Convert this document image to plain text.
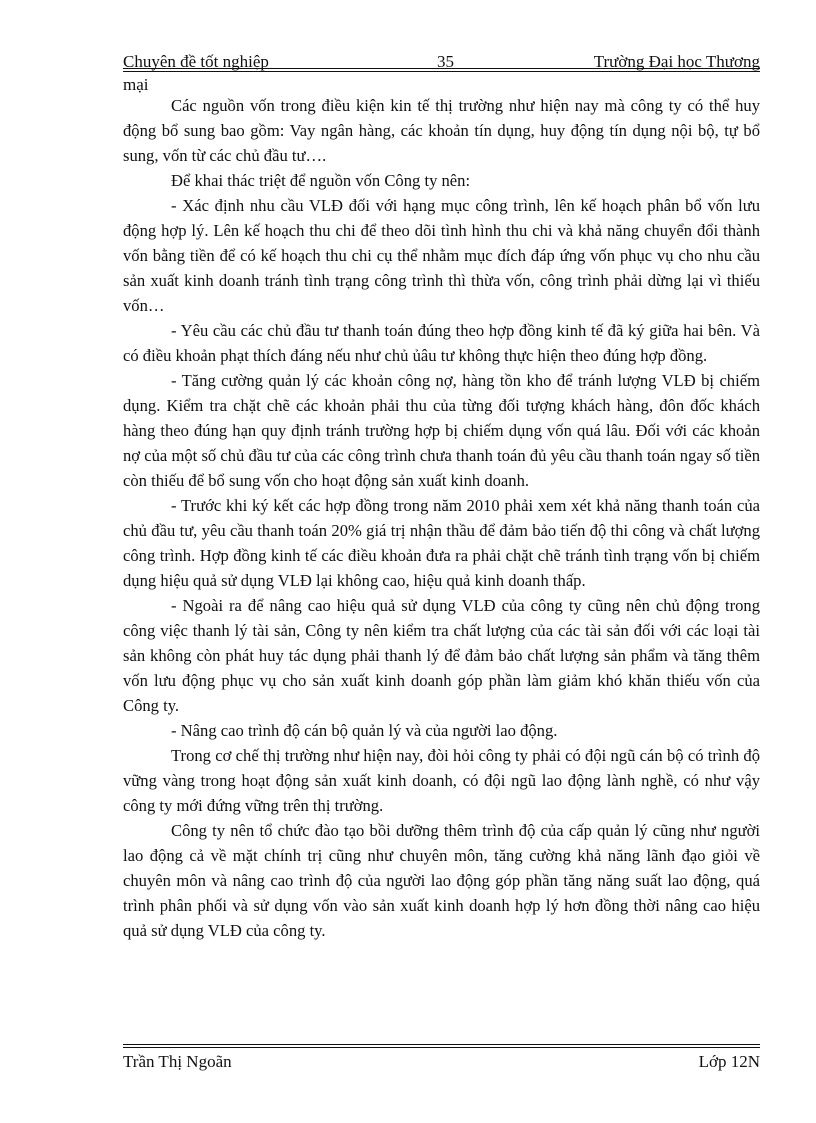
Chuyên đề tốt nghiệp	35	Trường Đại học Thương
mại

Các nguồn vốn trong điều kiện kin tế thị trường như hiện nay mà công ty có thể huy động bổ sung bao gồm: Vay ngân hàng, các khoản tín dụng, huy động tín dụng nội bộ, tự bổ sung, vốn từ các chủ đầu tư….

Để khai thác triệt để nguồn vốn Công ty nên:

- Xác định nhu cầu VLĐ đối với hạng mục công trình, lên kế hoạch phân bổ vốn lưu động hợp lý. Lên kế hoạch thu chi để theo dõi tình hình thu chi và khả năng chuyển đổi thành vốn bằng tiền để có kế hoạch thu chi cụ thể nhằm mục đích đáp ứng vốn phục vụ cho nhu cầu sản xuất kinh doanh tránh tình trạng công trình thì thừa vốn, công trình phải dừng lại vì thiếu vốn…

- Yêu cầu các chủ đầu tư thanh toán đúng theo hợp đồng kinh tế đã ký giữa hai bên. Và có điều khoản phạt thích đáng nếu như chủ ủâu tư không thực hiện theo đúng hợp đồng.

- Tăng cường quản lý các khoản công nợ, hàng tồn kho để tránh lượng VLĐ bị chiếm dụng. Kiểm tra chặt chẽ các khoản phải thu của từng đối tượng khách hàng, đôn đốc khách hàng theo đúng hạn quy định tránh trường hợp bị chiếm dụng vốn quá lâu. Đối với các khoản nợ của một số chủ đầu tư của các công trình chưa thanh toán đủ yêu cầu thanh toán ngay số tiền còn thiếu để bổ sung vốn cho hoạt động sản xuất kinh doanh.

- Trước khi ký kết các hợp đồng trong năm 2010 phải xem xét khả năng thanh toán của chủ đầu tư, yêu cầu thanh toán 20% giá trị nhận thầu để đảm bảo tiến độ thi công và chất lượng công trình. Hợp đồng kinh tế các điều khoản đưa ra phải chặt chẽ tránh tình trạng vốn bị chiếm dụng hiệu quả sử dụng VLĐ lại không cao, hiệu quả kinh doanh thấp.

- Ngoài ra để nâng cao hiệu quả sử dụng VLĐ của công ty cũng nên chủ động trong công việc thanh lý tài sản, Công ty nên kiểm tra chất lượng của các tài sản đối với các loại tài sản không còn phát huy tác dụng phải thanh lý để đảm bảo chất lượng sản phẩm và tăng thêm vốn lưu động phục vụ cho sản xuất kinh doanh góp phần làm giảm khó khăn thiếu vốn của Công ty.

- Nâng cao trình độ cán bộ quản lý và của người lao động.

Trong cơ chế thị trường như hiện nay, đòi hỏi công ty phải có đội ngũ cán bộ có trình độ vững vàng trong hoạt động sản xuất kinh doanh, có đội ngũ lao động lành nghề, có như vậy công ty mới đứng vững trên thị trường.

Công ty nên tổ chức đào tạo bồi dưỡng thêm trình độ của cấp quản lý cũng như người lao động cả về mặt chính trị cũng như chuyên môn, tăng cường khả năng lãnh đạo giỏi về chuyên môn và nâng cao trình độ của người lao động góp phần tăng năng suất lao động, quá trình phân phối và sử dụng vốn vào sản xuất kinh doanh hợp lý hơn đồng thời nâng cao hiệu quả sử dụng VLĐ của công ty.

Trần Thị Ngoãn	Lớp 12N
